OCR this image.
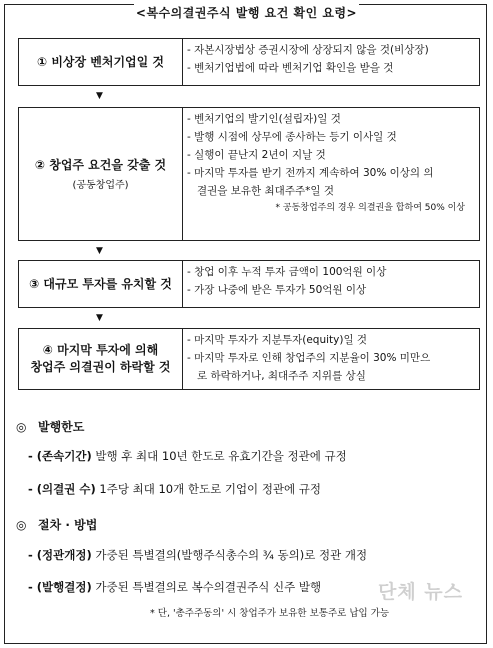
<복수의결권주식 발행 요건 확인 요령>
① 비상장 벤처기업일 것
- 자본시장법상 증권시장에 상장되지 않을 것(비상장)
- 벤처기업법에 따라 벤처기업 확인을 받을 것
▼
② 창업주 요건을 갖출 것
(공동창업주)
- 벤처기업의 발기인(설립자)일 것
- 발행 시점에 상무에 종사하는 등기 이사일 것
- 실행이 끝난지 2년이 지날 것
- 마지막 투자를 받기 전까지 계속하여 30% 이상의 의
결권을 보유한 최대주주*일 것
* 공동창업주의 경우 의결권을 합하여 50% 이상
▼
③ 대규모 투자를 유치할 것
- 창업 이후 누적 투자 금액이 100억원 이상
- 가장 나중에 받은 투자가 50억원 이상
▼
④ 마지막 투자에 의해
창업주 의결권이 하락할 것
- 마지막 투자가 지분투자(equity)일 것
- 마지막 투자로 인해 창업주의 지분율이 30% 미만으
로 하락하거나, 최대주주 지위를 상실
◎ 발행한도
- (존속기간) 발행 후 최대 10년 한도로 유효기간을 정관에 규정
- (의결권 수) 1주당 최대 10개 한도로 기업이 정관에 규정
◎ 절차 · 방법
- (정관개정) 가중된 특별결의(발행주식총수의 ¾ 동의)로 정관 개정
- (발행결정) 가중된 특별결의로 복수의결권주식 신주 발행
* 단, '총주주동의' 시 창업주가 보유한 보통주로 납입 가능
단체 뉴스
